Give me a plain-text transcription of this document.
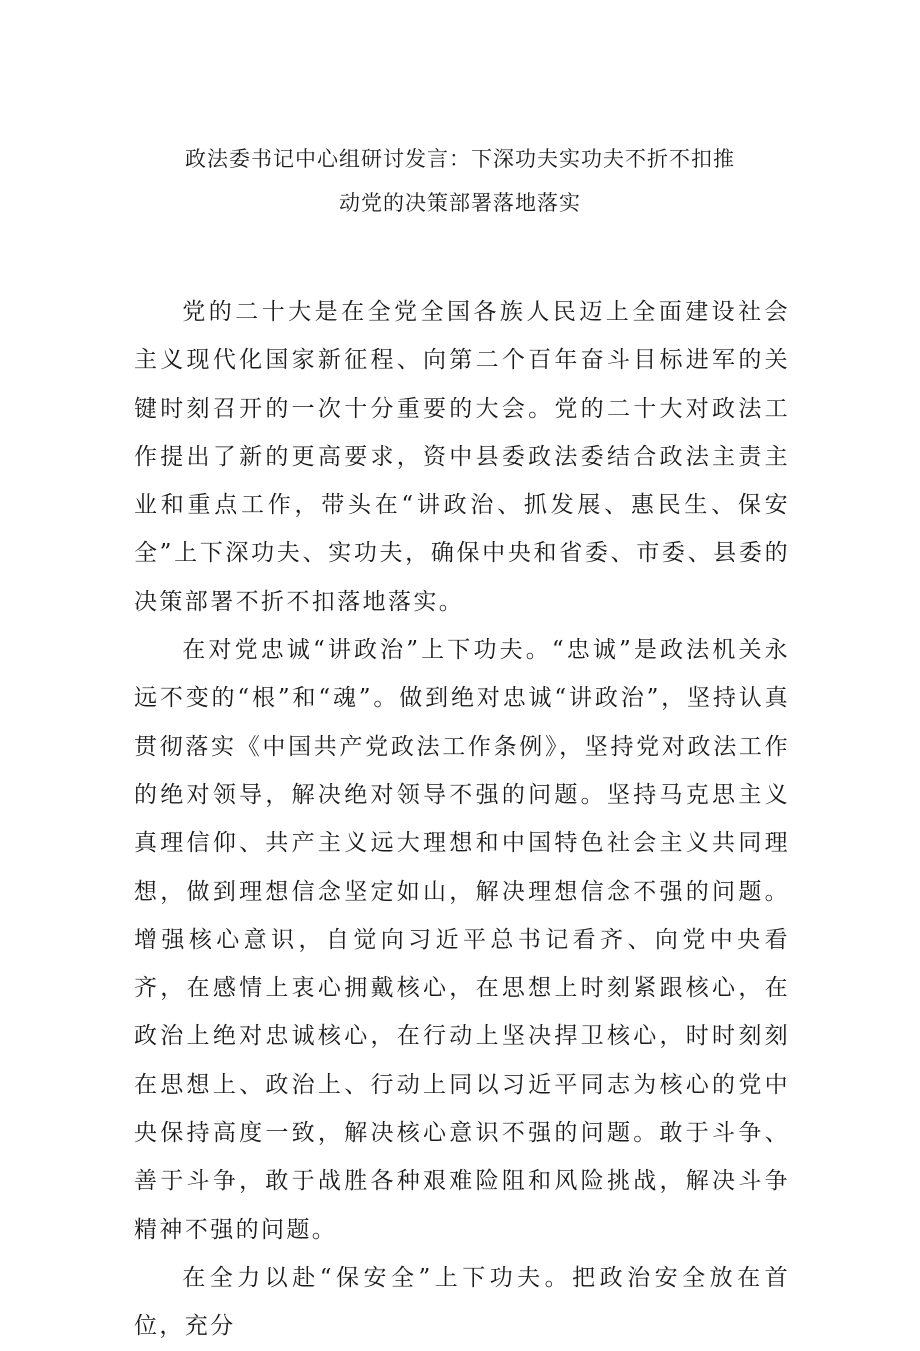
政法委书记中心组研讨发言：下深功夫实功夫不折不扣推
动党的决策部署落地落实

党的二十大是在全党全国各族人民迈上全面建设社会主义现代化国家新征程、向第二个百年奋斗目标进军的关键时刻召开的一次十分重要的大会。党的二十大对政法工作提出了新的更高要求，资中县委政法委结合政法主责主业和重点工作，带头在“讲政治、抓发展、惠民生、保安全”上下深功夫、实功夫，确保中央和省委、市委、县委的决策部署不折不扣落地落实。

在对党忠诚“讲政治”上下功夫。“忠诚”是政法机关永远不变的“根”和“魂”。做到绝对忠诚“讲政治”，坚持认真贯彻落实《中国共产党政法工作条例》，坚持党对政法工作的绝对领导，解决绝对领导不强的问题。坚持马克思主义真理信仰、共产主义远大理想和中国特色社会主义共同理想，做到理想信念坚定如山，解决理想信念不强的问题。增强核心意识，自觉向习近平总书记看齐、向党中央看齐，在感情上衷心拥戴核心，在思想上时刻紧跟核心，在政治上绝对忠诚核心，在行动上坚决捍卫核心，时时刻刻在思想上、政治上、行动上同以习近平同志为核心的党中央保持高度一致，解决核心意识不强的问题。敢于斗争、善于斗争，敢于战胜各种艰难险阻和风险挑战，解决斗争精神不强的问题。

在全力以赴“保安全”上下功夫。把政治安全放在首位，充分
